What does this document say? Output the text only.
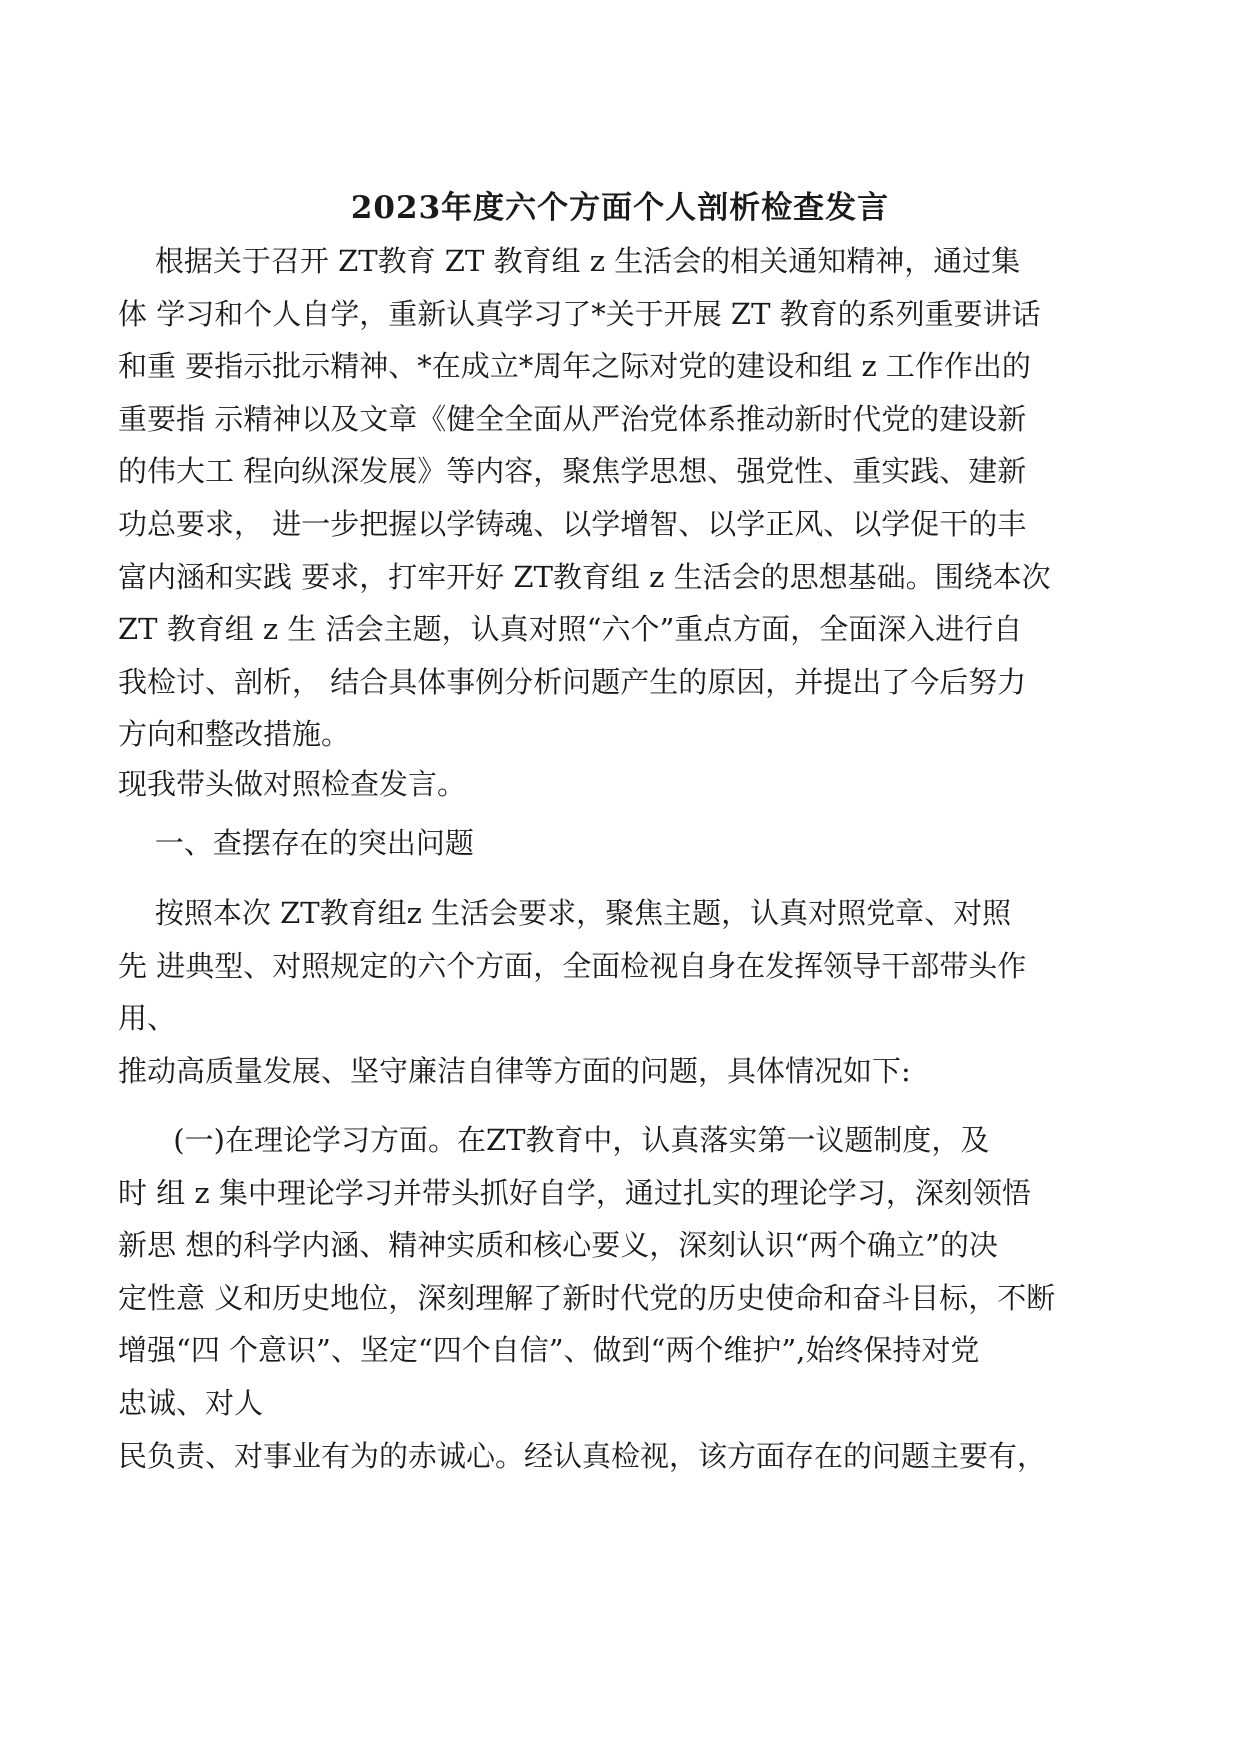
2023年度六个方面个人剖析检查发言
根据关于召开 ZT教育 ZT 教育组 z 生活会的相关通知精神，通过集
体 学习和个人自学，重新认真学习了*关于开展 ZT 教育的系列重要讲话
和重 要指示批示精神、*在成立*周年之际对党的建设和组 z 工作作出的
重要指 示精神以及文章《健全全面从严治党体系推动新时代党的建设新
的伟大工 程向纵深发展》等内容，聚焦学思想、强党性、重实践、建新
功总要求， 进一步把握以学铸魂、以学增智、以学正风、以学促干的丰
富内涵和实践 要求，打牢开好 ZT教育组 z 生活会的思想基础。围绕本次
ZT 教育组 z 生 活会主题，认真对照“六个”重点方面，全面深入进行自
我检讨、剖析， 结合具体事例分析问题产生的原因，并提出了今后努力
方向和整改措施。
现我带头做对照检查发言。
一、查摆存在的突出问题
按照本次 ZT教育组z 生活会要求，聚焦主题，认真对照党章、对照
先 进典型、对照规定的六个方面，全面检视自身在发挥领导干部带头作
用、
推动高质量发展、坚守廉洁自律等方面的问题，具体情况如下:
(一)在理论学习方面。在ZT教育中，认真落实第一议题制度，及
时 组 z 集中理论学习并带头抓好自学，通过扎实的理论学习，深刻领悟
新思 想的科学内涵、精神实质和核心要义，深刻认识“两个确立”的决
定性意 义和历史地位，深刻理解了新时代党的历史使命和奋斗目标，不断
增强“四 个意识”、坚定“四个自信”、做到“两个维护”,始终保持对党
忠诚、对人
民负责、对事业有为的赤诚心。经认真检视，该方面存在的问题主要有，
